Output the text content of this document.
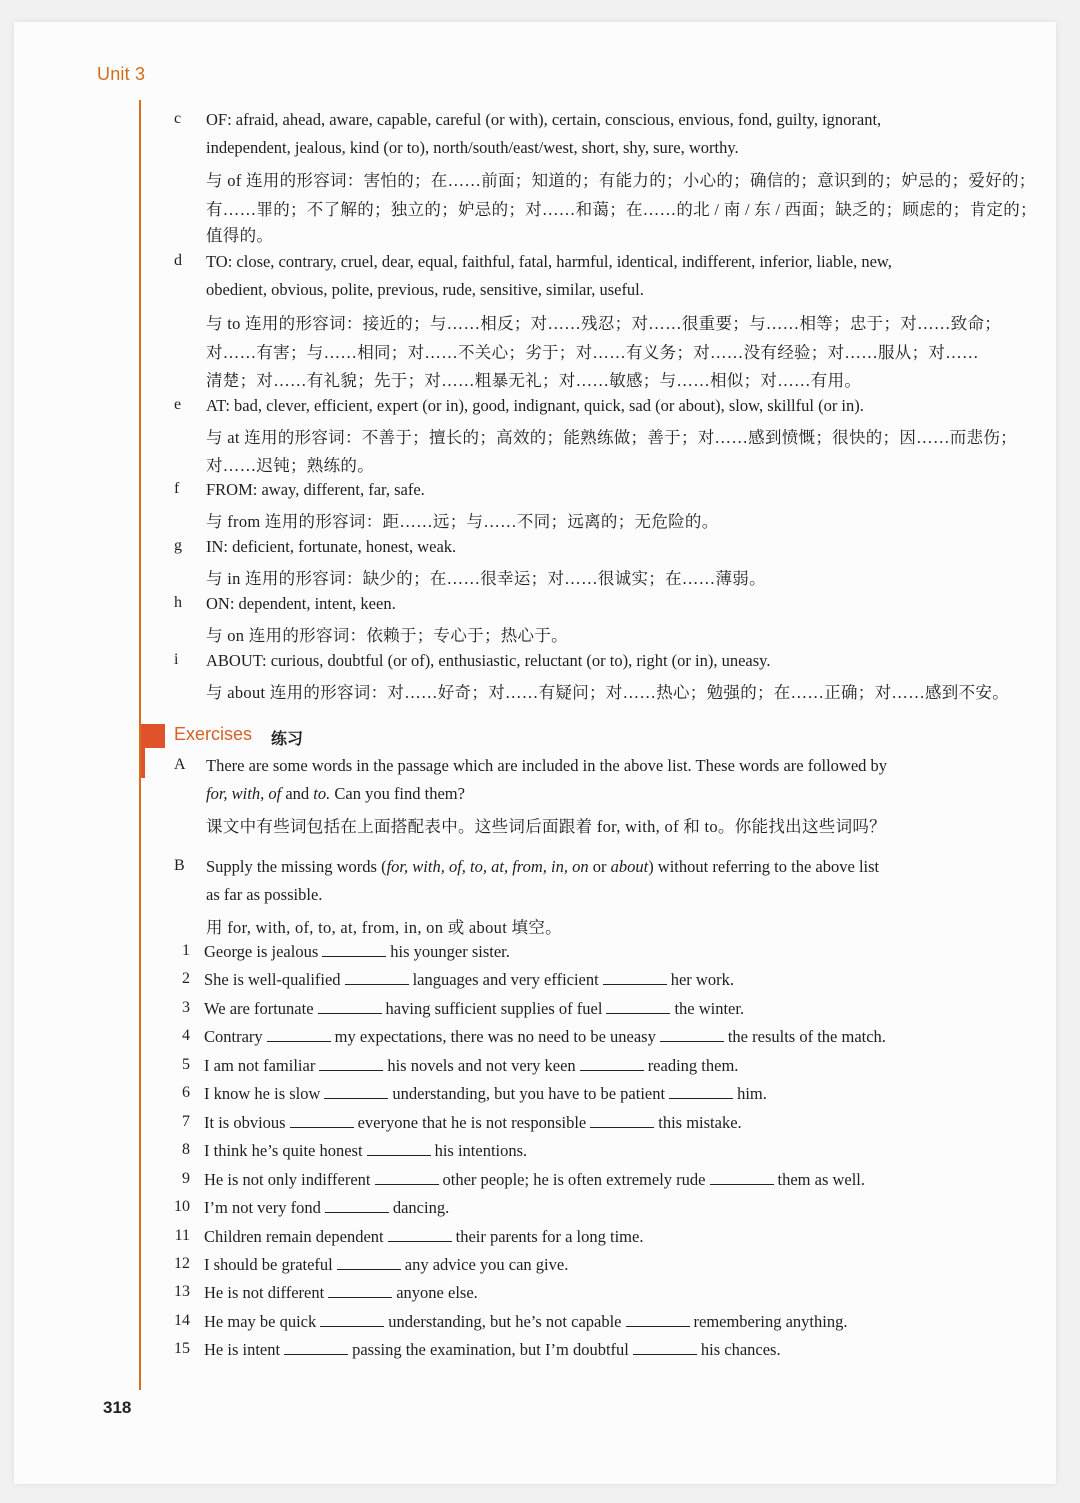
Unit 3
c OF: afraid, ahead, aware, capable, careful (or with), certain, conscious, envious, fond, guilty, ignorant,
independent, jealous, kind (or to), north/south/east/west, short, shy, sure, worthy.
与 of 连用的形容词：害怕的；在……前面；知道的；有能力的；小心的；确信的；意识到的；妒忌的；爱好的；
有……罪的；不了解的；独立的；妒忌的；对……和蔼；在……的北 / 南 / 东 / 西面；缺乏的；顾虑的；肯定的；
值得的。
d TO: close, contrary, cruel, dear, equal, faithful, fatal, harmful, identical, indifferent, inferior, liable, new,
obedient, obvious, polite, previous, rude, sensitive, similar, useful.
与 to 连用的形容词：接近的；与……相反；对……残忍；对……很重要；与……相等；忠于；对……致命；
对……有害；与……相同；对……不关心；劣于；对……有义务；对……没有经验；对……服从；对……
清楚；对……有礼貌；先于；对……粗暴无礼；对……敏感；与……相似；对……有用。
e AT: bad, clever, efficient, expert (or in), good, indignant, quick, sad (or about), slow, skillful (or in).
与 at 连用的形容词：不善于；擅长的；高效的；能熟练做；善于；对……感到愤慨；很快的；因……而悲伤；
对……迟钝；熟练的。
f FROM: away, different, far, safe.
与 from 连用的形容词：距……远；与……不同；远离的；无危险的。
g IN: deficient, fortunate, honest, weak.
与 in 连用的形容词：缺少的；在……很幸运；对……很诚实；在……薄弱。
h ON: dependent, intent, keen.
与 on 连用的形容词：依赖于；专心于；热心于。
i ABOUT: curious, doubtful (or of), enthusiastic, reluctant (or to), right (or in), uneasy.
与 about 连用的形容词：对……好奇；对……有疑问；对……热心；勉强的；在……正确；对……感到不安。
Exercises 练习
A There are some words in the passage which are included in the above list. These words are followed by
for, with, of and to. Can you find them?
课文中有些词包括在上面搭配表中。这些词后面跟着 for, with, of 和 to。你能找出这些词吗？
B Supply the missing words (for, with, of, to, at, from, in, on or about) without referring to the above list
as far as possible.
用 for, with, of, to, at, from, in, on 或 about 填空。
1 George is jealous	his younger sister.
2 She is well-qualified	languages and very efficient	her work.
3 We are fortunate	having sufficient supplies of fuel	the winter.
4 Contrary	my expectations, there was no need to be uneasy	the results of the match.
5 I am not familiar	his novels and not very keen	reading them.
6 I know he is slow	understanding, but you have to be patient	him.
7 It is obvious	everyone that he is not responsible	this mistake.
8 I think he’s quite honest	his intentions.
9 He is not only indifferent	other people; he is often extremely rude	them as well.
10 I’m not very fond	dancing.
11 Children remain dependent	their parents for a long time.
12 I should be grateful	any advice you can give.
13 He is not different	anyone else.
14 He may be quick	understanding, but he’s not capable	remembering anything.
15 He is intent	passing the examination, but I’m doubtful	his chances.
318
